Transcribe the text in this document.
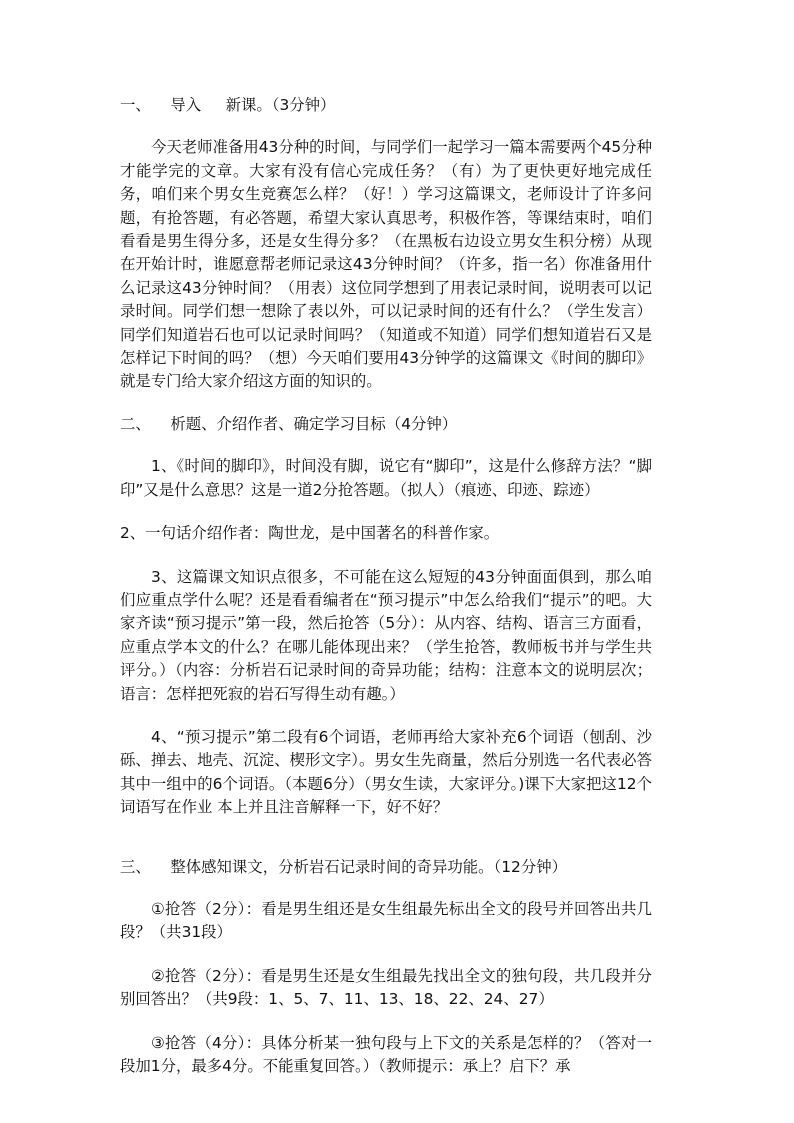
一、    导入     新课。（3分钟）

今天老师准备用43分种的时间，与同学们一起学习一篇本需要两个45分种才能学完的文章。大家有没有信心完成任务？（有）为了更快更好地完成任务，咱们来个男女生竞赛怎么样？（好！）学习这篇课文，老师设计了许多问题，有抢答题，有必答题，希望大家认真思考，积极作答，等课结束时，咱们看看是男生得分多，还是女生得分多？（在黑板右边设立男女生积分榜）从现在开始计时，谁愿意帮老师记录这43分钟时间？（许多，指一名）你准备用什么记录这43分钟时间？（用表）这位同学想到了用表记录时间，说明表可以记录时间。同学们想一想除了表以外，可以记录时间的还有什么？（学生发言）同学们知道岩石也可以记录时间吗？（知道或不知道）同学们想知道岩石又是怎样记下时间的吗？（想）今天咱们要用43分钟学的这篇课文《时间的脚印》就是专门给大家介绍这方面的知识的。

二、    析题、介绍作者、确定学习目标（4分钟）

1、《时间的脚印》，时间没有脚，说它有“脚印”，这是什么修辞方法？“脚印”又是什么意思？这是一道2分抢答题。（拟人）（痕迹、印迹、踪迹）

2、一句话介绍作者：陶世龙，是中国著名的科普作家。

3、这篇课文知识点很多，不可能在这么短短的43分钟面面俱到，那么咱们应重点学什么呢？还是看看编者在“预习提示”中怎么给我们“提示”的吧。大家齐读“预习提示”第一段，然后抢答（5分）：从内容、结构、语言三方面看，应重点学本文的什么？在哪儿能体现出来？（学生抢答，教师板书并与学生共评分。）（内容：分析岩石记录时间的奇异功能；结构：注意本文的说明层次；语言：怎样把死寂的岩石写得生动有趣。）

4、“预习提示”第二段有6个词语，老师再给大家补充6个词语（刨刮、沙砾、掸去、地壳、沉淀、楔形文字）。男女生先商量，然后分别选一名代表必答其中一组中的6个词语。（本题6分）（男女生读，大家评分。)课下大家把这12个词语写在作业 本上并且注音解释一下，好不好？

三、    整体感知课文，分析岩石记录时间的奇异功能。（12分钟）

①抢答（2分）：看是男生组还是女生组最先标出全文的段号并回答出共几段？（共31段）

②抢答（2分）：看是男生还是女生组最先找出全文的独句段，共几段并分别回答出？（共9段：1、5、7、11、13、18、22、24、27）

③抢答（4分）：具体分析某一独句段与上下文的关系是怎样的？（答对一段加1分，最多4分。不能重复回答。）（教师提示：承上？启下？承
